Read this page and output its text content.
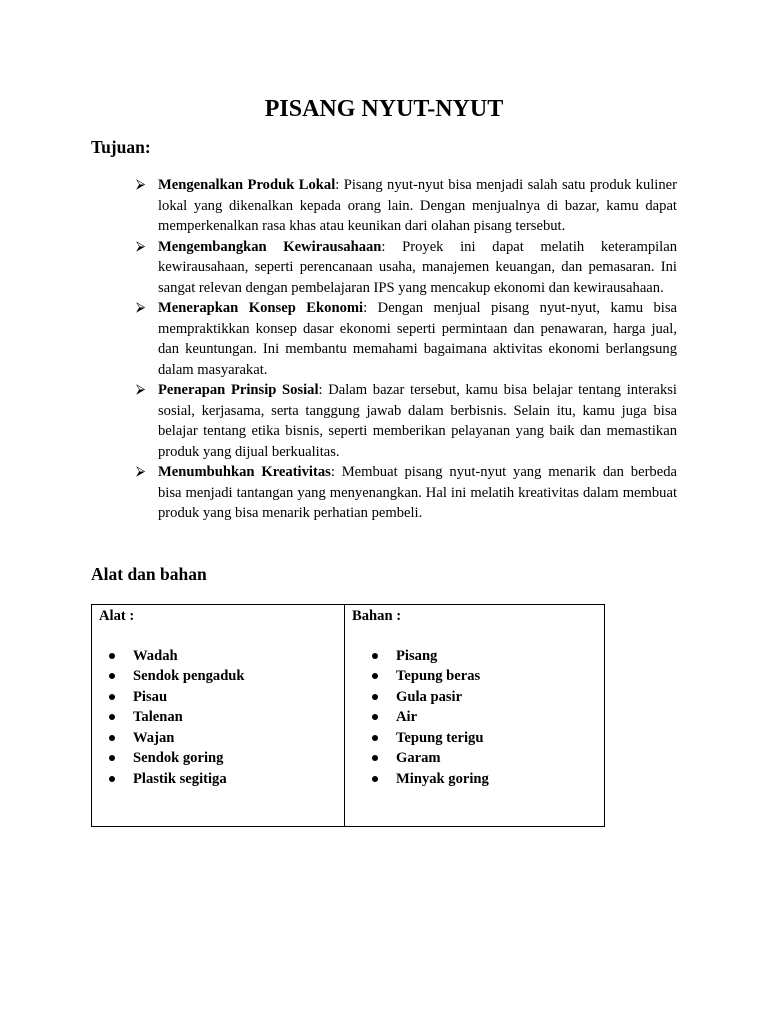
PISANG NYUT-NYUT
Tujuan:
⮚ Mengenalkan Produk Lokal: Pisang nyut-nyut bisa menjadi salah satu produk kuliner lokal yang dikenalkan kepada orang lain. Dengan menjualnya di bazar, kamu dapat memperkenalkan rasa khas atau keunikan dari olahan pisang tersebut.
⮚ Mengembangkan Kewirausahaan: Proyek ini dapat melatih keterampilan kewirausahaan, seperti perencanaan usaha, manajemen keuangan, dan pemasaran. Ini sangat relevan dengan pembelajaran IPS yang mencakup ekonomi dan kewirausahaan.
⮚ Menerapkan Konsep Ekonomi: Dengan menjual pisang nyut-nyut, kamu bisa mempraktikkan konsep dasar ekonomi seperti permintaan dan penawaran, harga jual, dan keuntungan. Ini membantu memahami bagaimana aktivitas ekonomi berlangsung dalam masyarakat.
⮚ Penerapan Prinsip Sosial: Dalam bazar tersebut, kamu bisa belajar tentang interaksi sosial, kerjasama, serta tanggung jawab dalam berbisnis. Selain itu, kamu juga bisa belajar tentang etika bisnis, seperti memberikan pelayanan yang baik dan memastikan produk yang dijual berkualitas.
⮚ Menumbuhkan Kreativitas: Membuat pisang nyut-nyut yang menarik dan berbeda bisa menjadi tantangan yang menyenangkan. Hal ini melatih kreativitas dalam membuat produk yang bisa menarik perhatian pembeli.
Alat dan bahan
Alat :
Wadah
Sendok pengaduk
Pisau
Talenan
Wajan
Sendok goring
Plastik segitiga

Bahan :
Pisang
Tepung beras
Gula pasir
Air
Tepung terigu
Garam
Minyak goring
